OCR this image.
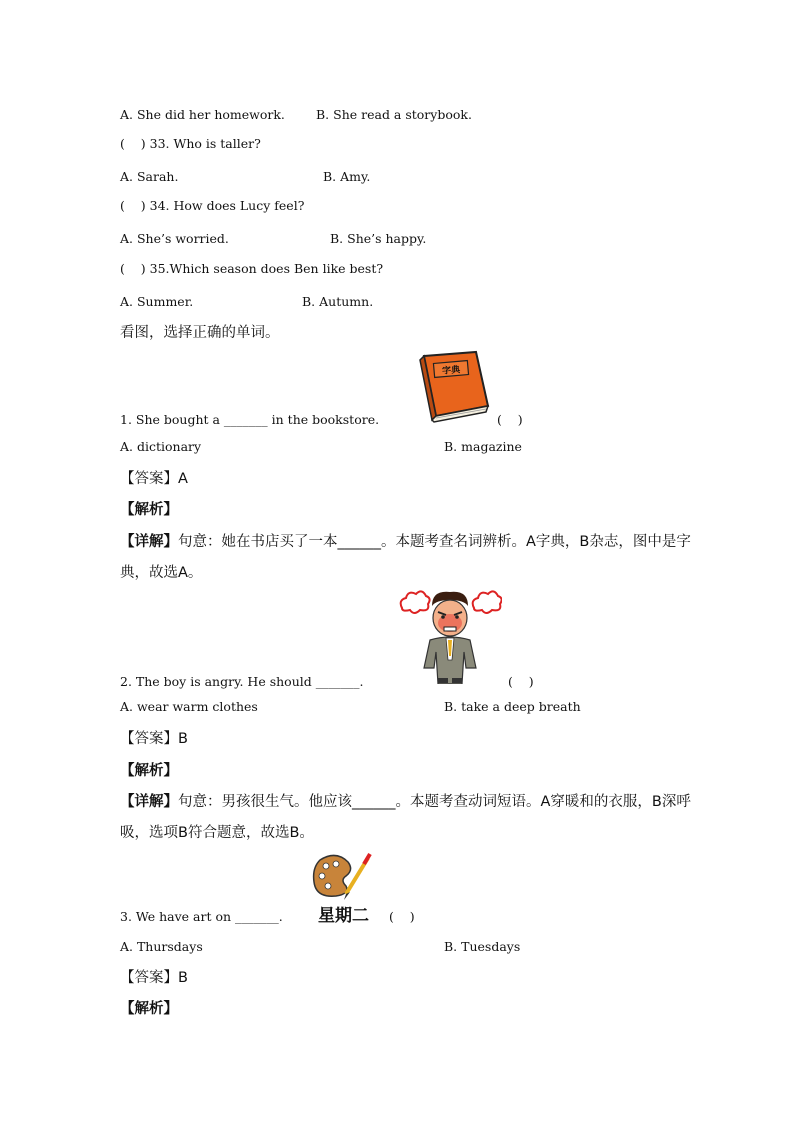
A. She did her homework. B. She read a storybook.
(    ) 33. Who is taller?
A. Sarah.	B. Amy.
(    ) 34. How does Lucy feel?
A. She’s worried.	B. She’s happy.
(    ) 35.Which season does Ben like best?
A. Summer.	B. Autumn.
看图，选择正确的单词。
字典
1. She bought a _______ in the bookstore.	(    )
A. dictionary	B. magazine
【答案】A
【解析】
【详解】句意：她在书店买了一本______。本题考查名词辨析。A字典，B杂志，图中是字
典，故选A。
2. The boy is angry. He should _______.	(    )
A. wear warm clothes	B. take a deep breath
【答案】B
【解析】
【详解】句意：男孩很生气。他应该______。本题考查动词短语。A穿暖和的衣服，B深呼
吸，选项B符合题意，故选B。
星期二
3. We have art on _______.	(    )
A. Thursdays	B. Tuesdays
【答案】B
【解析】
